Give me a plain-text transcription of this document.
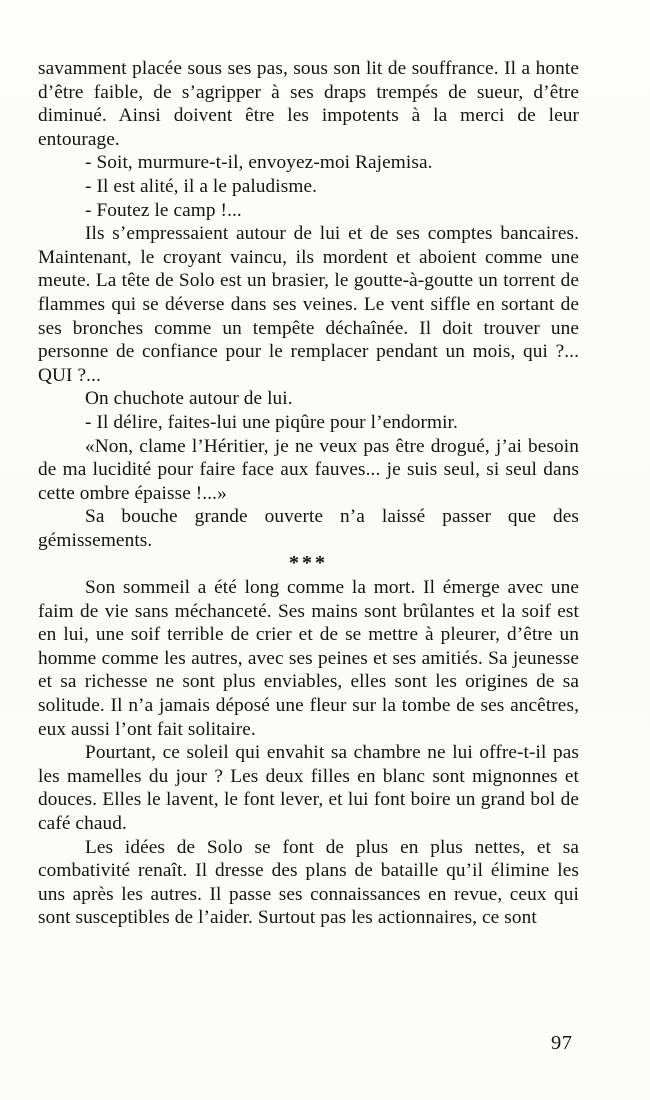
savamment placée sous ses pas, sous son lit de souffrance. Il a honte d’être faible, de s’agripper à ses draps trempés de sueur, d’être diminué. Ainsi doivent être les impotents à la merci de leur entourage.

- Soit, murmure-t-il, envoyez-moi Rajemisa.

- Il est alité, il a le paludisme.

- Foutez le camp !...

Ils s’empressaient autour de lui et de ses comptes bancaires. Maintenant, le croyant vaincu, ils mordent et aboient comme une meute. La tête de Solo est un brasier, le goutte-à-goutte un torrent de flammes qui se déverse dans ses veines. Le vent siffle en sortant de ses bronches comme un tempête déchaînée. Il doit trouver une personne de confiance pour le remplacer pendant un mois, qui ?... QUI ?...

On chuchote autour de lui.

- Il délire, faites-lui une piqûre pour l’endormir.

«Non, clame l’Héritier, je ne veux pas être drogué, j’ai besoin de ma lucidité pour faire face aux fauves... je suis seul, si seul dans cette ombre épaisse !...»

Sa bouche grande ouverte n’a laissé passer que des gémissements.

***

Son sommeil a été long comme la mort. Il émerge avec une faim de vie sans méchanceté. Ses mains sont brûlantes et la soif est en lui, une soif terrible de crier et de se mettre à pleurer, d’être un homme comme les autres, avec ses peines et ses amitiés. Sa jeunesse et sa richesse ne sont plus enviables, elles sont les origines de sa solitude. Il n’a jamais déposé une fleur sur la tombe de ses ancêtres, eux aussi l’ont fait solitaire.

Pourtant, ce soleil qui envahit sa chambre ne lui offre-t-il pas les mamelles du jour ? Les deux filles en blanc sont mignonnes et douces. Elles le lavent, le font lever, et lui font boire un grand bol de café chaud.

Les idées de Solo se font de plus en plus nettes, et sa combativité renaît. Il dresse des plans de bataille qu’il élimine les uns après les autres. Il passe ses connaissances en revue, ceux qui sont susceptibles de l’aider. Surtout pas les actionnaires, ce sont

97
